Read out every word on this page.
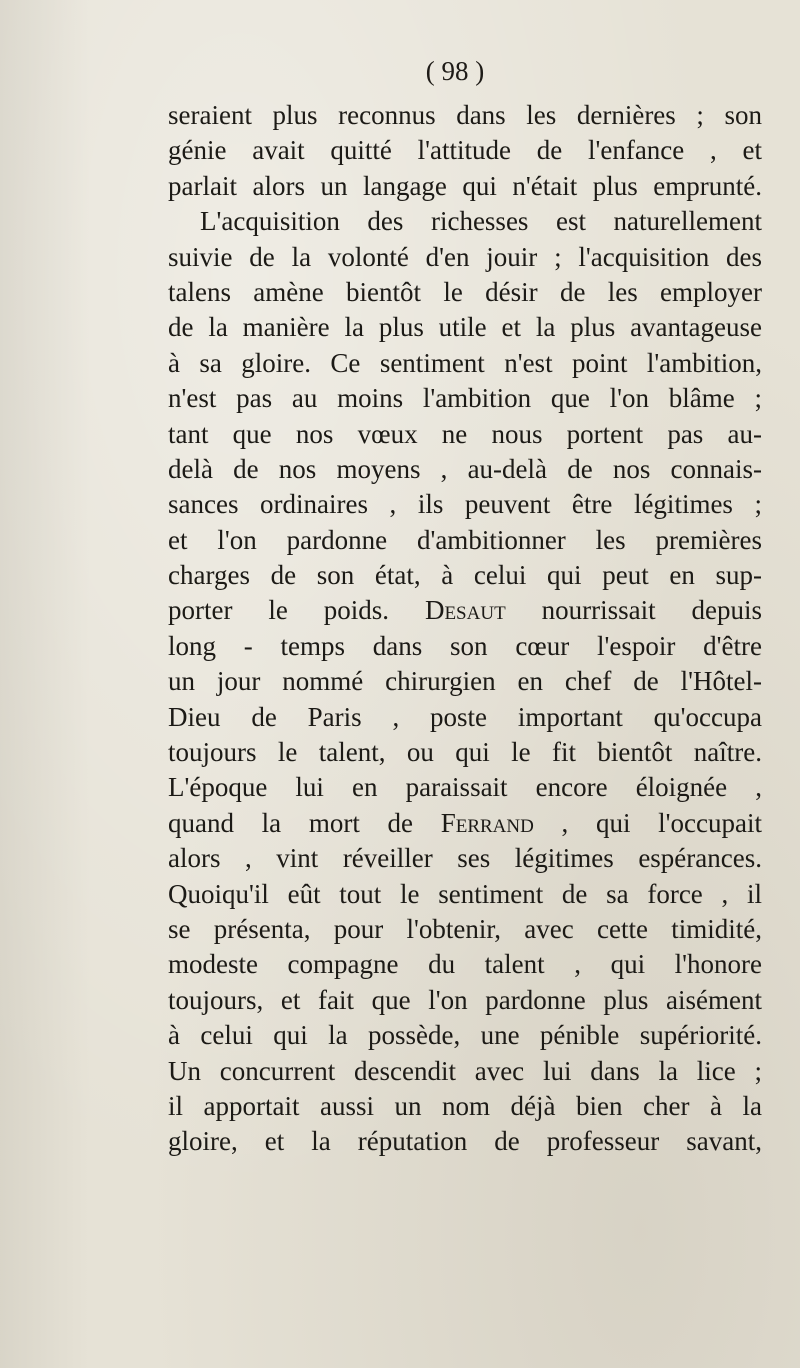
( 98 )
seraient plus reconnus dans les dernières ; son
génie avait quitté l'attitude de l'enfance , et
parlait alors un langage qui n'était plus emprunté.
L'acquisition des richesses est naturellement
suivie de la volonté d'en jouir ; l'acquisition des
talens amène bientôt le désir de les employer
de la manière la plus utile et la plus avantageuse
à sa gloire. Ce sentiment n'est point l'ambition,
n'est pas au moins l'ambition que l'on blâme ;
tant que nos vœux ne nous portent pas au-
delà de nos moyens , au-delà de nos connais-
sances ordinaires , ils peuvent être légitimes ;
et l'on pardonne d'ambitionner les premières
charges de son état, à celui qui peut en sup-
porter le poids. Desaut nourrissait depuis
long - temps dans son cœur l'espoir d'être
un jour nommé chirurgien en chef de l'Hôtel-
Dieu de Paris , poste important qu'occupa
toujours le talent, ou qui le fit bientôt naître.
L'époque lui en paraissait encore éloignée ,
quand la mort de Ferrand , qui l'occupait
alors , vint réveiller ses légitimes espérances.
Quoiqu'il eût tout le sentiment de sa force , il
se présenta, pour l'obtenir, avec cette timidité,
modeste compagne du talent , qui l'honore
toujours, et fait que l'on pardonne plus aisément
à celui qui la possède, une pénible supériorité.
Un concurrent descendit avec lui dans la lice ;
il apportait aussi un nom déjà bien cher à la
gloire, et la réputation de professeur savant,
